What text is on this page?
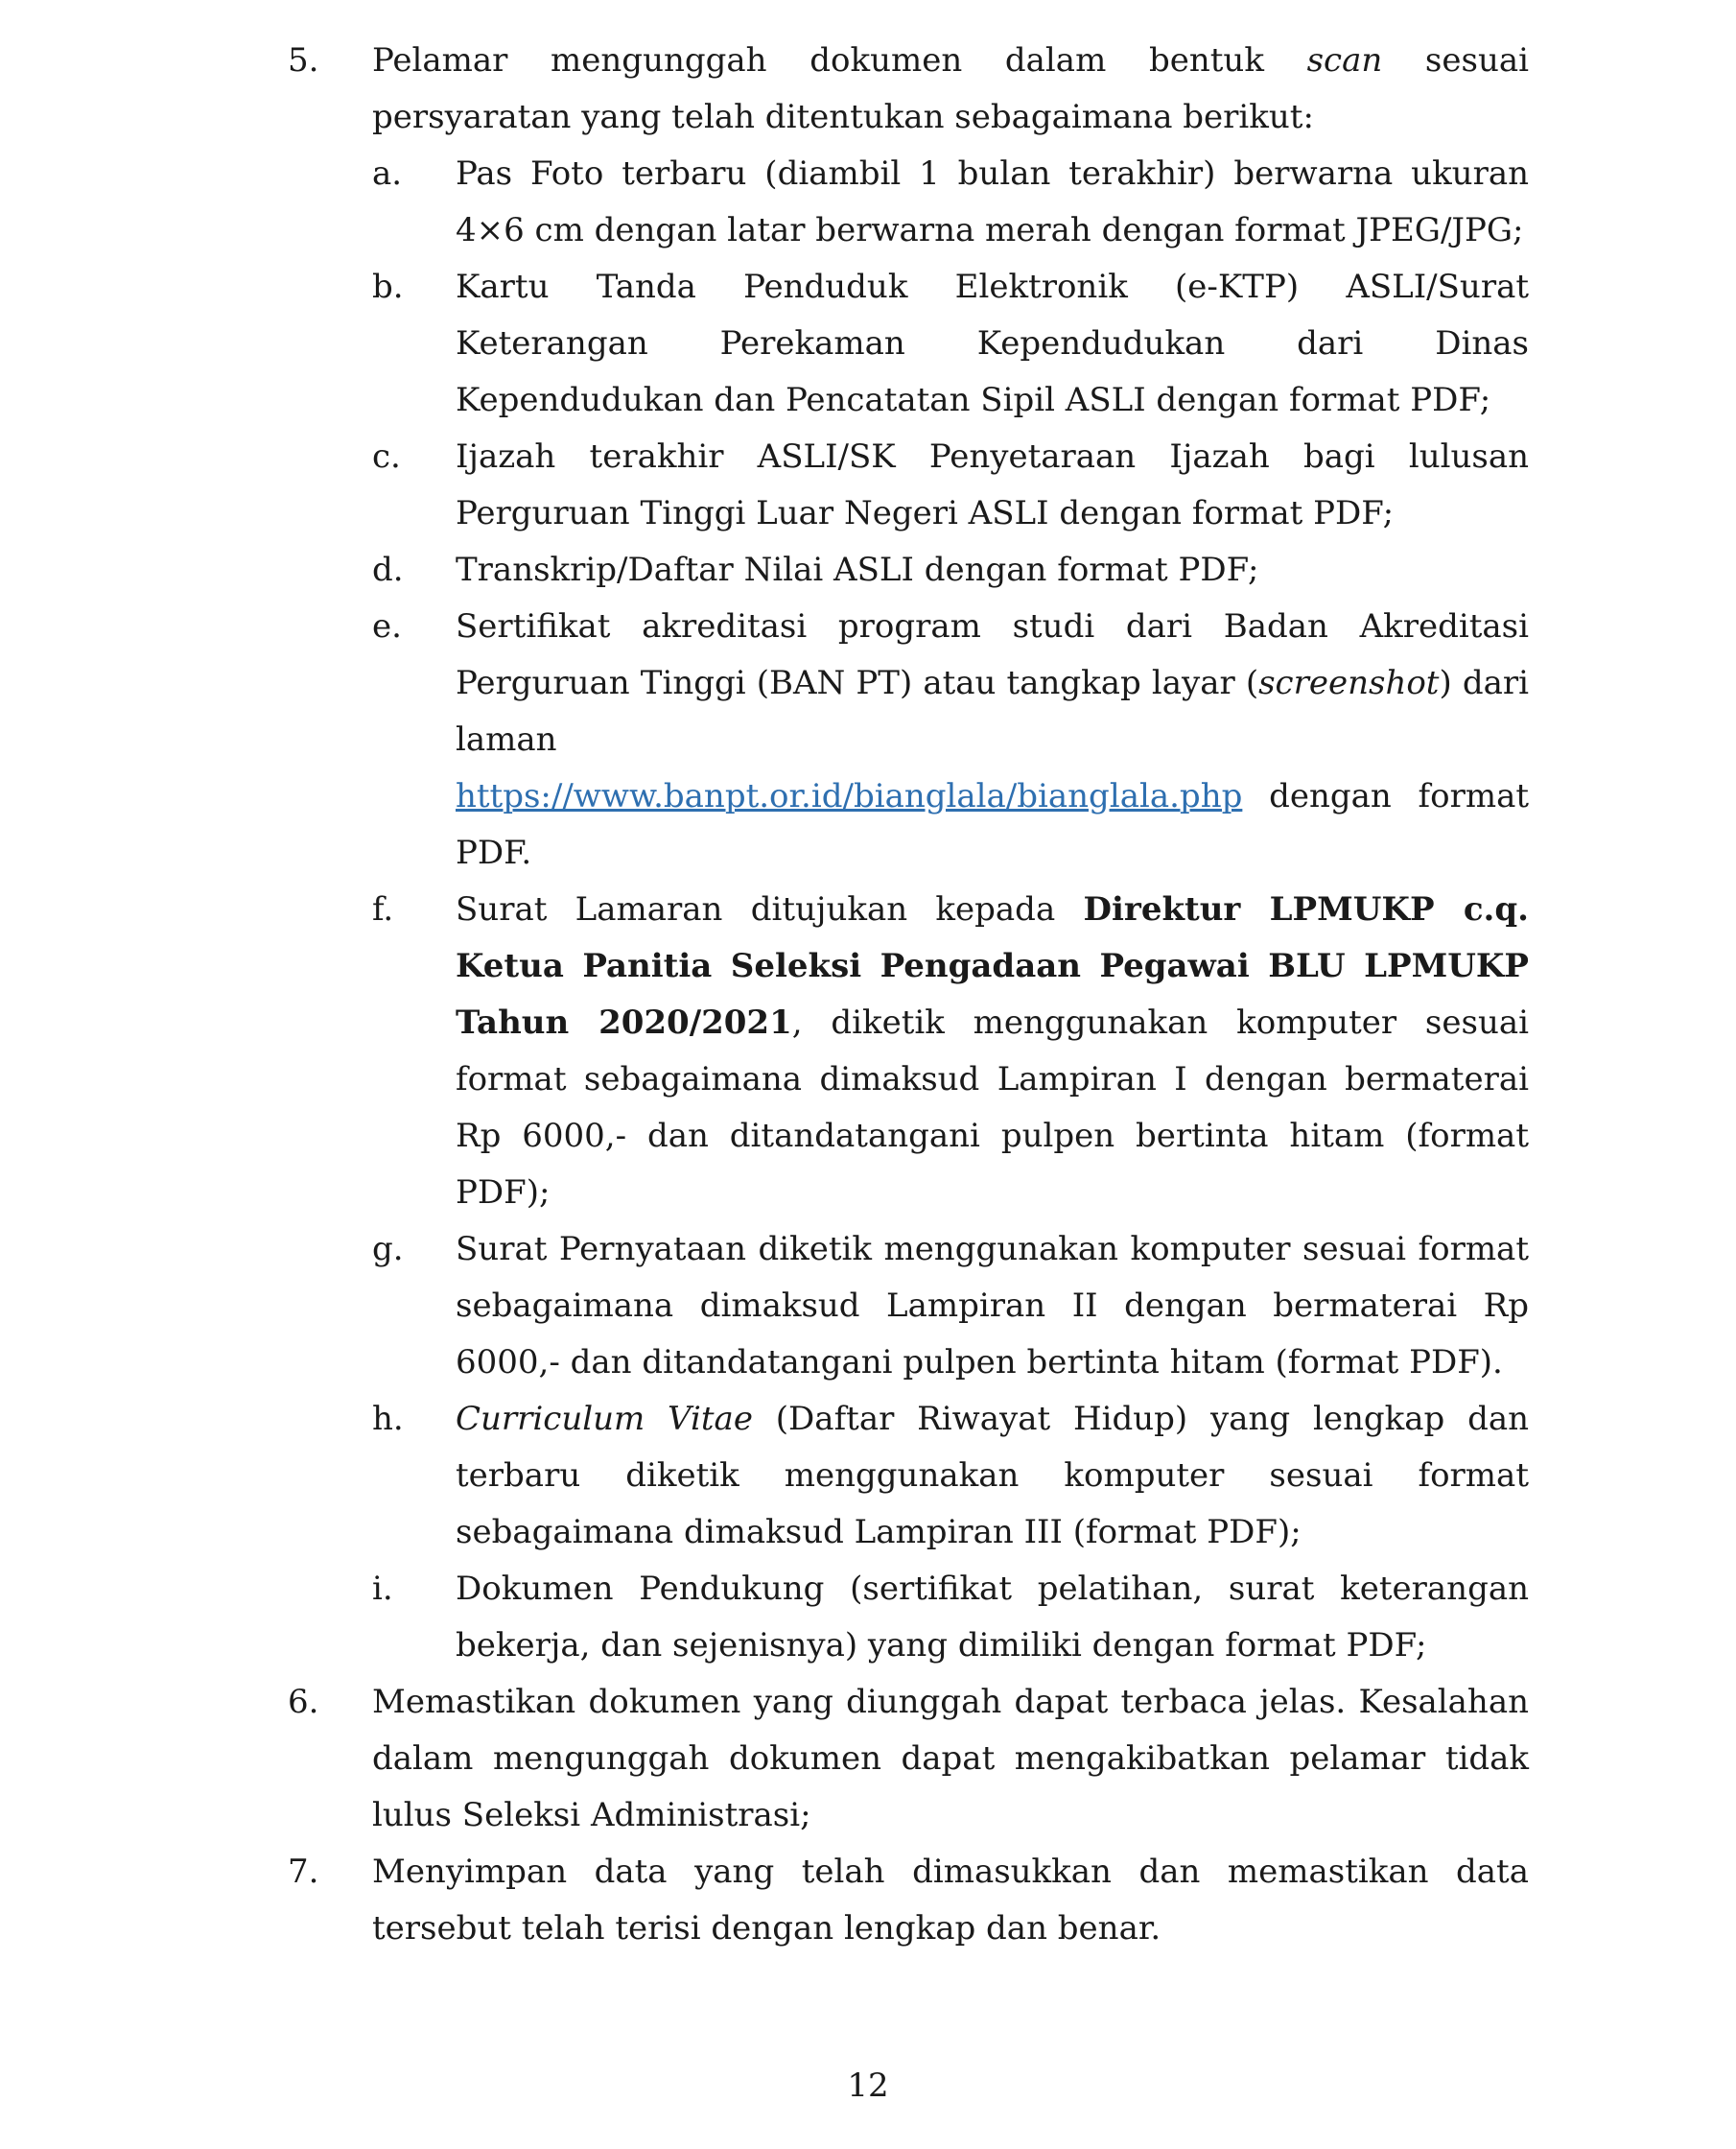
5.	Pelamar mengunggah dokumen dalam bentuk scan sesuai persyaratan yang telah ditentukan sebagaimana berikut:
a.	Pas Foto terbaru (diambil 1 bulan terakhir) berwarna ukuran 4×6 cm dengan latar berwarna merah dengan format JPEG/JPG;
b.	Kartu Tanda Penduduk Elektronik (e-KTP) ASLI/Surat Keterangan Perekaman Kependudukan dari Dinas Kependudukan dan Pencatatan Sipil ASLI dengan format PDF;
c.	Ijazah terakhir ASLI/SK Penyetaraan Ijazah bagi lulusan Perguruan Tinggi Luar Negeri ASLI dengan format PDF;
d.	Transkrip/Daftar Nilai ASLI dengan format PDF;
e.	Sertifikat akreditasi program studi dari Badan Akreditasi Perguruan Tinggi (BAN PT) atau tangkap layar (screenshot) dari laman
https://www.banpt.or.id/bianglala/bianglala.php dengan format
PDF.
f.	Surat Lamaran ditujukan kepada Direktur LPMUKP c.q. Ketua Panitia Seleksi Pengadaan Pegawai BLU LPMUKP Tahun 2020/2021, diketik menggunakan komputer sesuai format sebagaimana dimaksud Lampiran I dengan bermaterai Rp 6000,- dan ditandatangani pulpen bertinta hitam (format PDF);
g.	Surat Pernyataan diketik menggunakan komputer sesuai format sebagaimana dimaksud Lampiran II dengan bermaterai Rp 6000,- dan ditandatangani pulpen bertinta hitam (format PDF).
h.	Curriculum Vitae (Daftar Riwayat Hidup) yang lengkap dan terbaru diketik menggunakan komputer sesuai format sebagaimana dimaksud Lampiran III (format PDF);
i.	Dokumen Pendukung (sertifikat pelatihan, surat keterangan bekerja, dan sejenisnya) yang dimiliki dengan format PDF;
6.	Memastikan dokumen yang diunggah dapat terbaca jelas. Kesalahan dalam mengunggah dokumen dapat mengakibatkan pelamar tidak lulus Seleksi Administrasi;
7.	Menyimpan data yang telah dimasukkan dan memastikan data tersebut telah terisi dengan lengkap dan benar.
12
